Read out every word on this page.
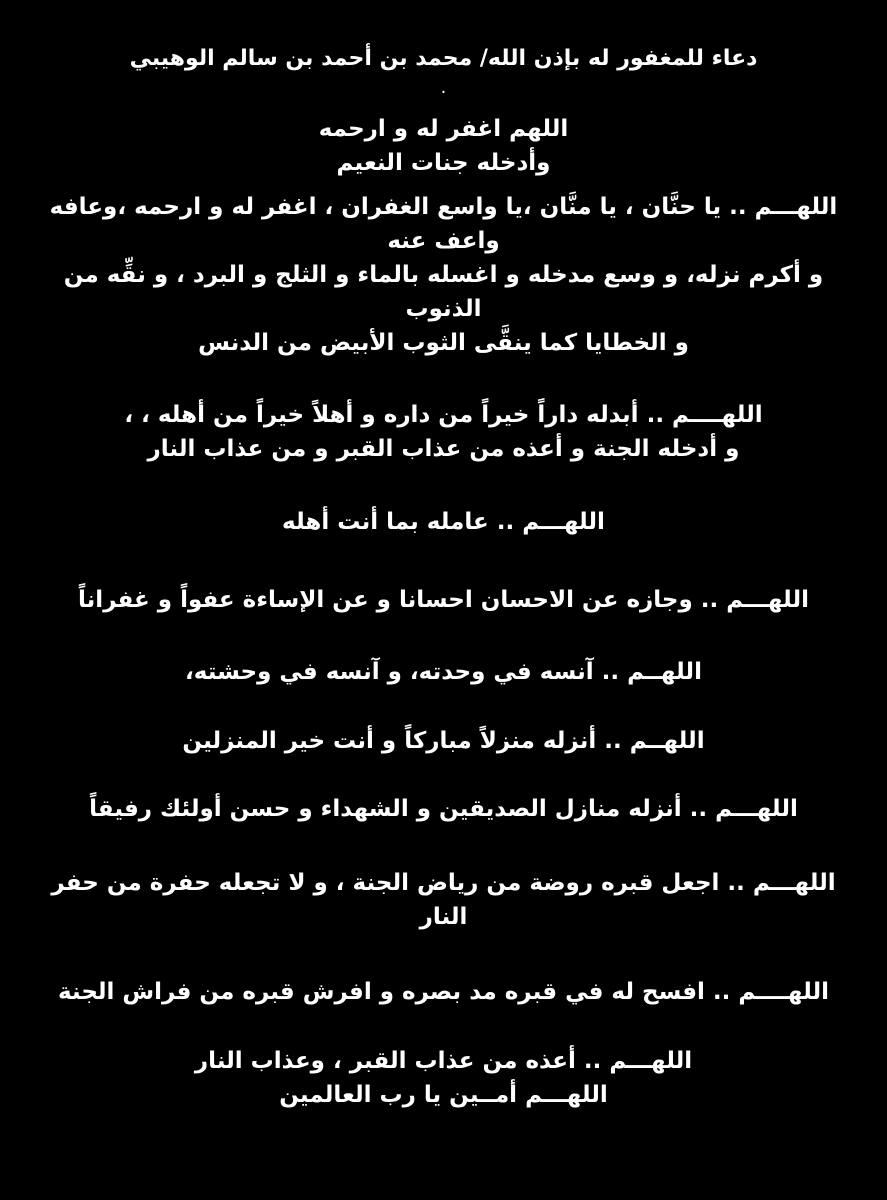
دعاء للمغفور له بإذن الله/ محمد بن أحمد بن سالم الوهيبي
.
اللهم اغفر له و ارحمه
وأدخله جنات النعيم
اللهـــم .. يا حنَّان ، يا منَّان ،يا واسع الغفران ، اغفر له و ارحمه ،وعافه
واعف عنه
و أكرم نزله، و وسع مدخله و اغسله بالماء و الثلج و البرد ، و نقِّه من
الذنوب
و الخطايا كما ينقَّى الثوب الأبيض من الدنس
اللهــــم .. أبدله داراً خيراً من داره و أهلاً خيراً من أهله ، ،
و أدخله الجنة و أعذه من عذاب القبر و من عذاب النار
اللهـــم .. عامله بما أنت أهله
اللهـــم .. وجازه عن الاحسان احسانا و عن الإساءة عفواً و غفراناً
اللهــم .. آنسه في وحدته، و آنسه في وحشته،
اللهــم .. أنزله منزلاً مباركاً و أنت خير المنزلين
اللهـــم .. أنزله منازل الصديقين و الشهداء و حسن أولئك رفيقاً
اللهـــم .. اجعل قبره روضة من رياض الجنة ، و لا تجعله حفرة من حفر
النار
اللهــــم .. افسح له في قبره مد بصره و افرش قبره من فراش الجنة
اللهـــم .. أعذه من عذاب القبر ، وعذاب النار
اللهـــم أمــين يا رب العالمين
